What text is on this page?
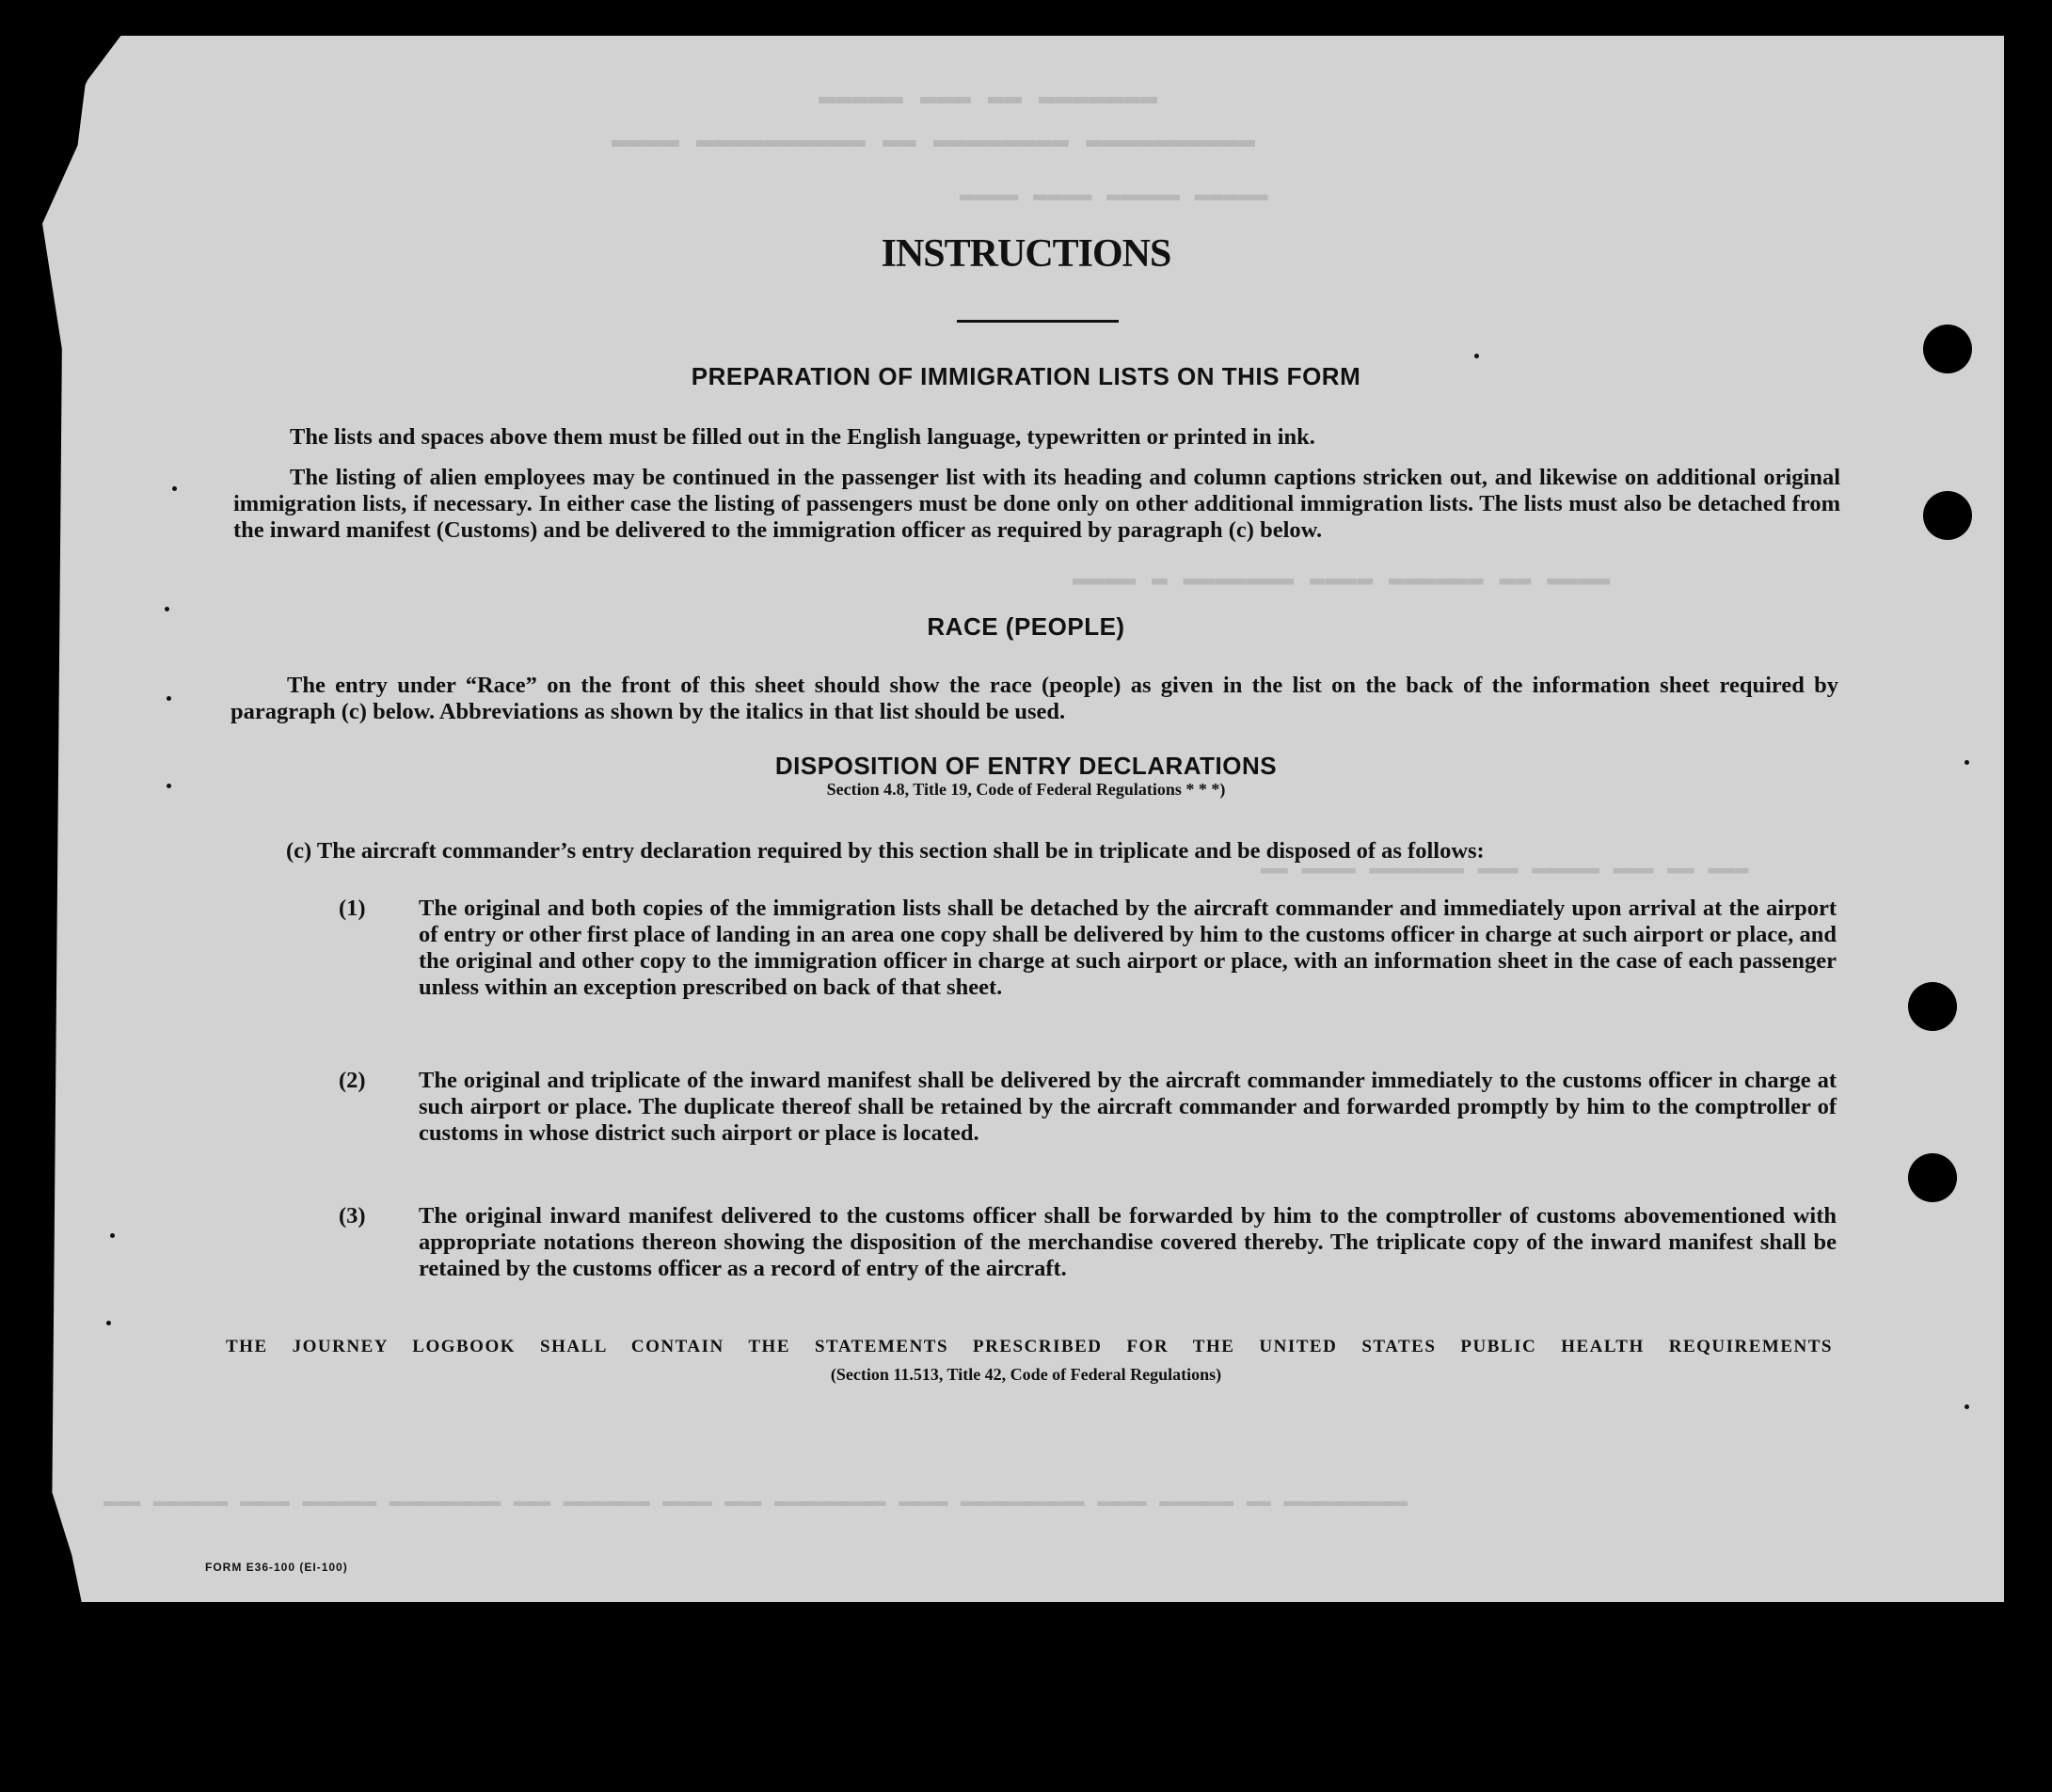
▬▬▬▬▬ ▬▬▬ ▬▬ ▬▬▬▬▬▬▬
▬▬▬▬ ▬▬▬▬▬▬▬▬▬▬ ▬▬ ▬▬▬▬▬▬▬▬ ▬▬▬▬▬▬▬▬▬▬
▬▬▬▬ ▬▬▬▬ ▬▬▬▬▬ ▬▬▬▬▬
▬▬▬▬ ▬ ▬▬▬▬▬▬▬ ▬▬▬▬ ▬▬▬▬▬▬ ▬▬ ▬▬▬▬
▬▬ ▬▬▬▬ ▬▬▬▬▬▬▬ ▬▬▬ ▬▬▬▬▬ ▬▬▬ ▬▬ ▬▬▬
▬▬▬ ▬▬▬▬▬▬ ▬▬▬▬ ▬▬▬▬▬▬ ▬▬▬▬▬▬▬▬▬ ▬▬▬ ▬▬▬▬▬▬▬ ▬▬▬▬ ▬▬▬ ▬▬▬▬▬▬▬▬▬ ▬▬▬▬ ▬▬▬▬▬▬▬▬▬▬ ▬▬▬▬ ▬▬▬▬▬▬ ▬▬ ▬▬▬▬▬▬▬▬▬▬
INSTRUCTIONS
PREPARATION OF IMMIGRATION LISTS ON THIS FORM
The lists and spaces above them must be filled out in the English language, typewritten or printed in ink.
The listing of alien employees may be continued in the passenger list with its heading and column captions stricken out, and likewise on additional original immigration lists, if necessary. In either case the listing of passengers must be done only on other additional immigration lists. The lists must also be detached from the inward manifest (Customs) and be delivered to the immigration officer as required by paragraph (c) below.
RACE (PEOPLE)
The entry under “Race” on the front of this sheet should show the race (people) as given in the list on the back of the information sheet required by paragraph (c) below. Abbreviations as shown by the italics in that list should be used.
DISPOSITION OF ENTRY DECLARATIONS
Section 4.8, Title 19, Code of Federal Regulations * * *)
(c) The aircraft commander’s entry declaration required by this section shall be in triplicate and be disposed of as follows:
(1) The original and both copies of the immigration lists shall be detached by the aircraft commander and immediately upon arrival at the airport of entry or other first place of landing in an area one copy shall be delivered by him to the customs officer in charge at such airport or place, and the original and other copy to the immigration officer in charge at such airport or place, with an information sheet in the case of each passenger unless within an exception prescribed on back of that sheet.
(2) The original and triplicate of the inward manifest shall be delivered by the aircraft commander immediately to the customs officer in charge at such airport or place. The duplicate thereof shall be retained by the aircraft commander and forwarded promptly by him to the comptroller of customs in whose district such airport or place is located.
(3) The original inward manifest delivered to the customs officer shall be forwarded by him to the comptroller of customs abovementioned with appropriate notations thereon showing the disposition of the merchandise covered thereby. The triplicate copy of the inward manifest shall be retained by the customs officer as a record of entry of the aircraft.
THE JOURNEY LOGBOOK SHALL CONTAIN THE STATEMENTS PRESCRIBED FOR THE UNITED STATES PUBLIC HEALTH REQUIREMENTS
(Section 11.513, Title 42, Code of Federal Regulations)
FORM E36-100 (EI-100)
